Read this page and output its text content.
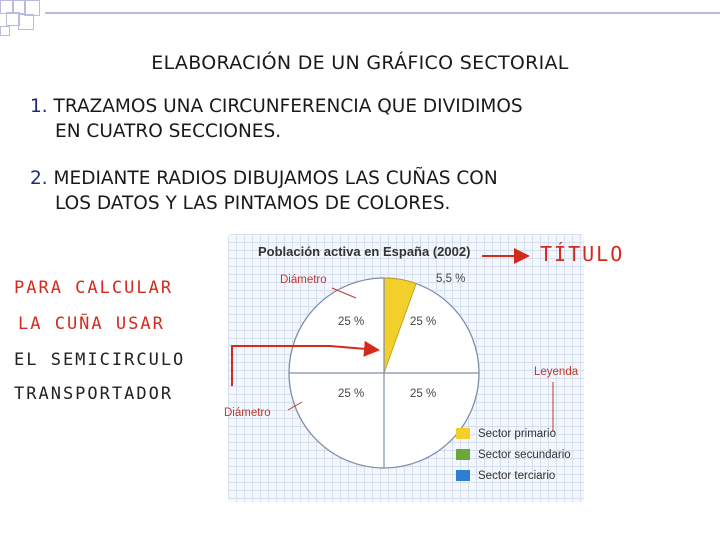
ELABORACIÓN DE UN GRÁFICO SECTORIAL
1. TRAZAMOS UNA CIRCUNFERENCIA QUE DIVIDIMOS
EN CUATRO SECCIONES.
2. MEDIANTE RADIOS DIBUJAMOS LAS CUÑAS CON
LOS DATOS Y LAS PINTAMOS DE COLORES.
Población activa en España (2002)
Diámetro	5,5 %
25 %	25 %
25 %	25 %
Diámetro
Leyenda
Sector primario
Sector secundario
Sector terciario
TÍTULO
PARA CALCULAR
LA CUÑA USAR
EL SEMICIRCULO
TRANSPORTADOR
